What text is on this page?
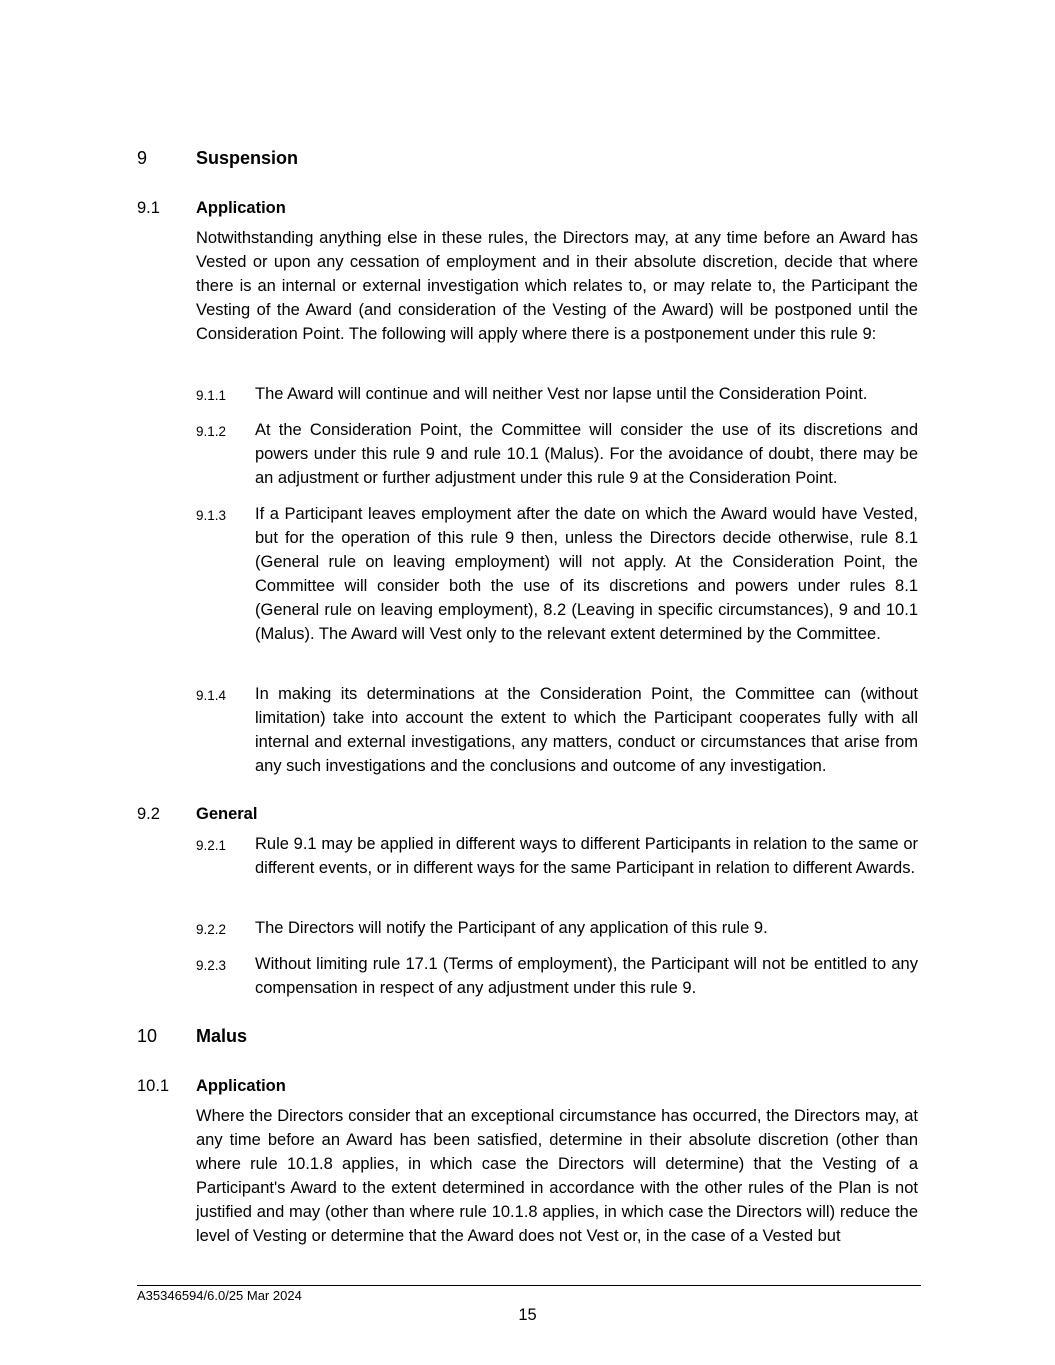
9	Suspension
9.1 Application
Notwithstanding anything else in these rules, the Directors may, at any time before an Award has Vested or upon any cessation of employment and in their absolute discretion, decide that where there is an internal or external investigation which relates to, or may relate to, the Participant the Vesting of the Award (and consideration of the Vesting of the Award) will be postponed until the Consideration Point. The following will apply where there is a postponement under this rule 9:
9.1.1 The Award will continue and will neither Vest nor lapse until the Consideration Point.
9.1.2 At the Consideration Point, the Committee will consider the use of its discretions and powers under this rule 9 and rule 10.1 (Malus). For the avoidance of doubt, there may be an adjustment or further adjustment under this rule 9 at the Consideration Point.
9.1.3 If a Participant leaves employment after the date on which the Award would have Vested, but for the operation of this rule 9 then, unless the Directors decide otherwise, rule 8.1 (General rule on leaving employment) will not apply. At the Consideration Point, the Committee will consider both the use of its discretions and powers under rules 8.1 (General rule on leaving employment), 8.2 (Leaving in specific circumstances), 9 and 10.1 (Malus). The Award will Vest only to the relevant extent determined by the Committee.
9.1.4 In making its determinations at the Consideration Point, the Committee can (without limitation) take into account the extent to which the Participant cooperates fully with all internal and external investigations, any matters, conduct or circumstances that arise from any such investigations and the conclusions and outcome of any investigation.
9.2 General
9.2.1 Rule 9.1 may be applied in different ways to different Participants in relation to the same or different events, or in different ways for the same Participant in relation to different Awards.
9.2.2 The Directors will notify the Participant of any application of this rule 9.
9.2.3 Without limiting rule 17.1 (Terms of employment), the Participant will not be entitled to any compensation in respect of any adjustment under this rule 9.
10 Malus
10.1 Application
Where the Directors consider that an exceptional circumstance has occurred, the Directors may, at any time before an Award has been satisfied, determine in their absolute discretion (other than where rule 10.1.8 applies, in which case the Directors will determine) that the Vesting of a Participant's Award to the extent determined in accordance with the other rules of the Plan is not justified and may (other than where rule 10.1.8 applies, in which case the Directors will) reduce the level of Vesting or determine that the Award does not Vest or, in the case of a Vested but
A35346594/6.0/25 Mar 2024
15
